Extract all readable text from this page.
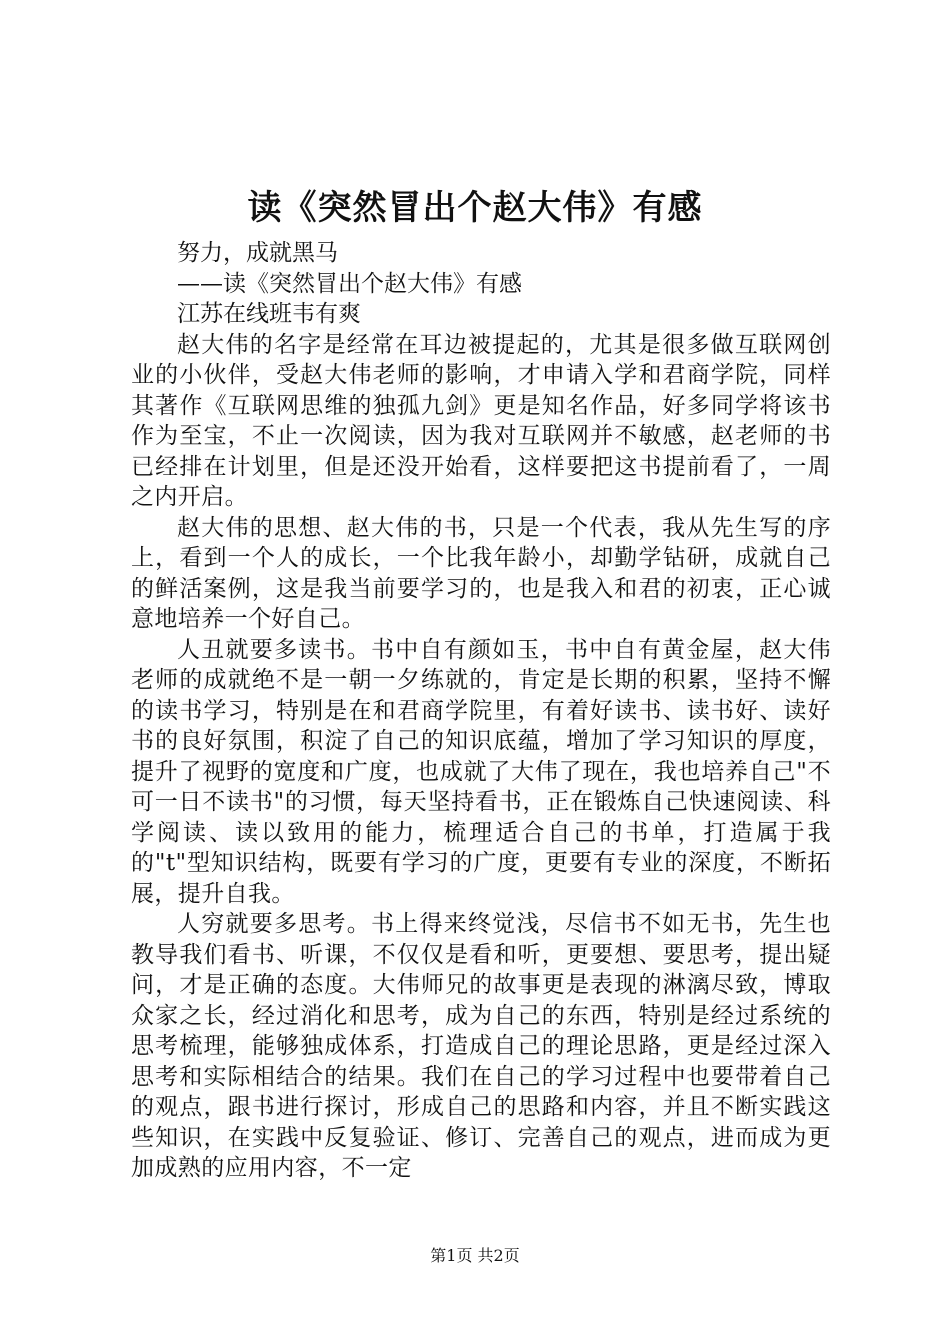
读《突然冒出个赵大伟》有感

努力，成就黑马

——读《突然冒出个赵大伟》有感

江苏在线班韦有爽

赵大伟的名字是经常在耳边被提起的，尤其是很多做互联网创业的小伙伴，受赵大伟老师的影响，才申请入学和君商学院，同样其著作《互联网思维的独孤九剑》更是知名作品，好多同学将该书作为至宝，不止一次阅读，因为我对互联网并不敏感，赵老师的书已经排在计划里，但是还没开始看，这样要把这书提前看了，一周之内开启。

赵大伟的思想、赵大伟的书，只是一个代表，我从先生写的序上，看到一个人的成长，一个比我年龄小，却勤学钻研，成就自己的鲜活案例，这是我当前要学习的，也是我入和君的初衷，正心诚意地培养一个好自己。

人丑就要多读书。书中自有颜如玉，书中自有黄金屋，赵大伟老师的成就绝不是一朝一夕练就的，肯定是长期的积累，坚持不懈的读书学习，特别是在和君商学院里，有着好读书、读书好、读好书的良好氛围，积淀了自己的知识底蕴，增加了学习知识的厚度，提升了视野的宽度和广度，也成就了大伟了现在，我也培养自己"不可一日不读书"的习惯，每天坚持看书，正在锻炼自己快速阅读、科学阅读、读以致用的能力，梳理适合自己的书单，打造属于我的"t"型知识结构，既要有学习的广度，更要有专业的深度，不断拓展，提升自我。

人穷就要多思考。书上得来终觉浅，尽信书不如无书，先生也教导我们看书、听课，不仅仅是看和听，更要想、要思考，提出疑问，才是正确的态度。大伟师兄的故事更是表现的淋漓尽致，博取众家之长，经过消化和思考，成为自己的东西，特别是经过系统的思考梳理，能够独成体系，打造成自己的理论思路，更是经过深入思考和实际相结合的结果。我们在自己的学习过程中也要带着自己的观点，跟书进行探讨，形成自己的思路和内容，并且不断实践这些知识，在实践中反复验证、修订、完善自己的观点，进而成为更加成熟的应用内容，不一定

第1页 共2页
